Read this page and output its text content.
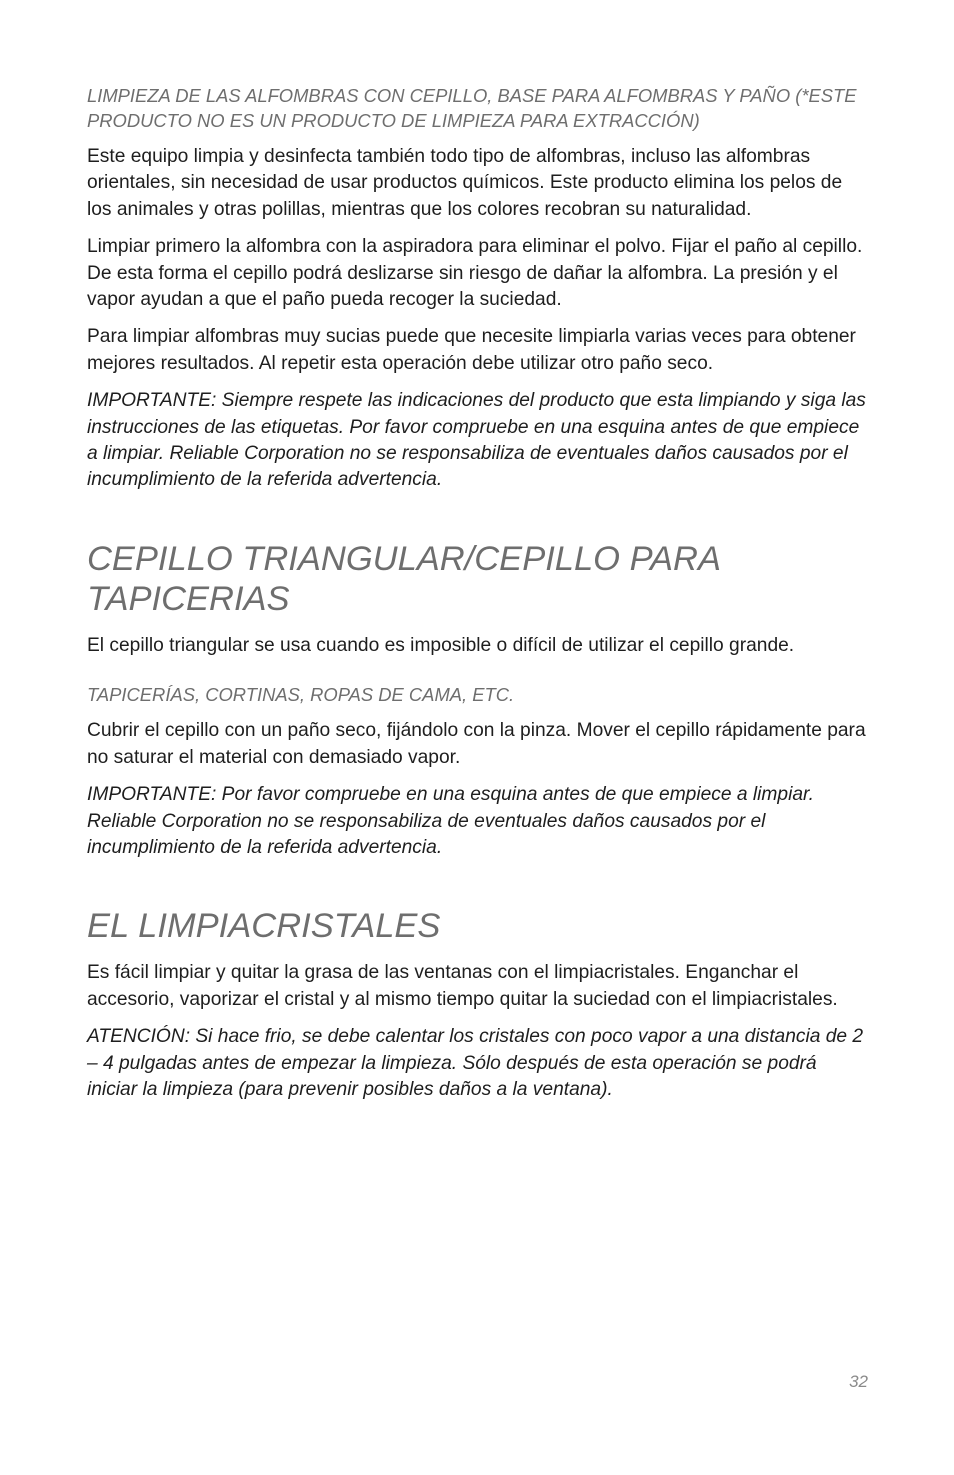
LIMPIEZA DE LAS ALFOMBRAS CON CEPILLO, BASE PARA ALFOMBRAS Y PAÑO (*ESTE PRODUCTO NO ES UN PRODUCTO DE LIMPIEZA PARA EXTRACCIÓN)

Este equipo limpia y desinfecta también todo tipo de alfombras, incluso las alfombras orientales, sin necesidad de usar productos químicos. Este producto elimina los pelos de los animales y otras polillas, mientras que los colores recobran su naturalidad.

Limpiar primero la alfombra con la aspiradora para eliminar el polvo. Fijar el paño al cepillo. De esta forma el cepillo podrá deslizarse sin riesgo de dañar la alfombra. La presión y el vapor ayudan a que el paño pueda recoger la suciedad.

Para limpiar alfombras muy sucias puede que necesite limpiarla varias veces para obtener mejores resultados. Al repetir esta operación debe utilizar otro paño seco.

IMPORTANTE: Siempre respete las indicaciones del producto que esta limpiando y siga las instrucciones de las etiquetas. Por favor compruebe en una esquina antes de que empiece a limpiar. Reliable Corporation no se responsabiliza de eventuales daños causados por el incumplimiento de la referida advertencia.

CEPILLO TRIANGULAR/CEPILLO PARA TAPICERIAS

El cepillo triangular se usa cuando es imposible o difícil de utilizar el cepillo grande.

TAPICERÍAS, CORTINAS, ROPAS DE CAMA, ETC.

Cubrir el cepillo con un paño seco, fijándolo con la pinza. Mover el cepillo rápidamente para no saturar el material con demasiado vapor.

IMPORTANTE: Por favor compruebe en una esquina antes de que empiece a limpiar. Reliable Corporation no se responsabiliza de eventuales daños causados por el incumplimiento de la referida advertencia.

EL LIMPIACRISTALES

Es fácil limpiar y quitar la grasa de las ventanas con el limpiacristales. Enganchar el accesorio, vaporizar el cristal y al mismo tiempo quitar la suciedad con el limpiacristales.

ATENCIÓN: Si hace frio, se debe calentar los cristales con poco vapor a una distancia de 2 – 4 pulgadas antes de empezar la limpieza. Sólo después de esta operación se podrá iniciar la limpieza (para prevenir posibles daños a la ventana).

32
